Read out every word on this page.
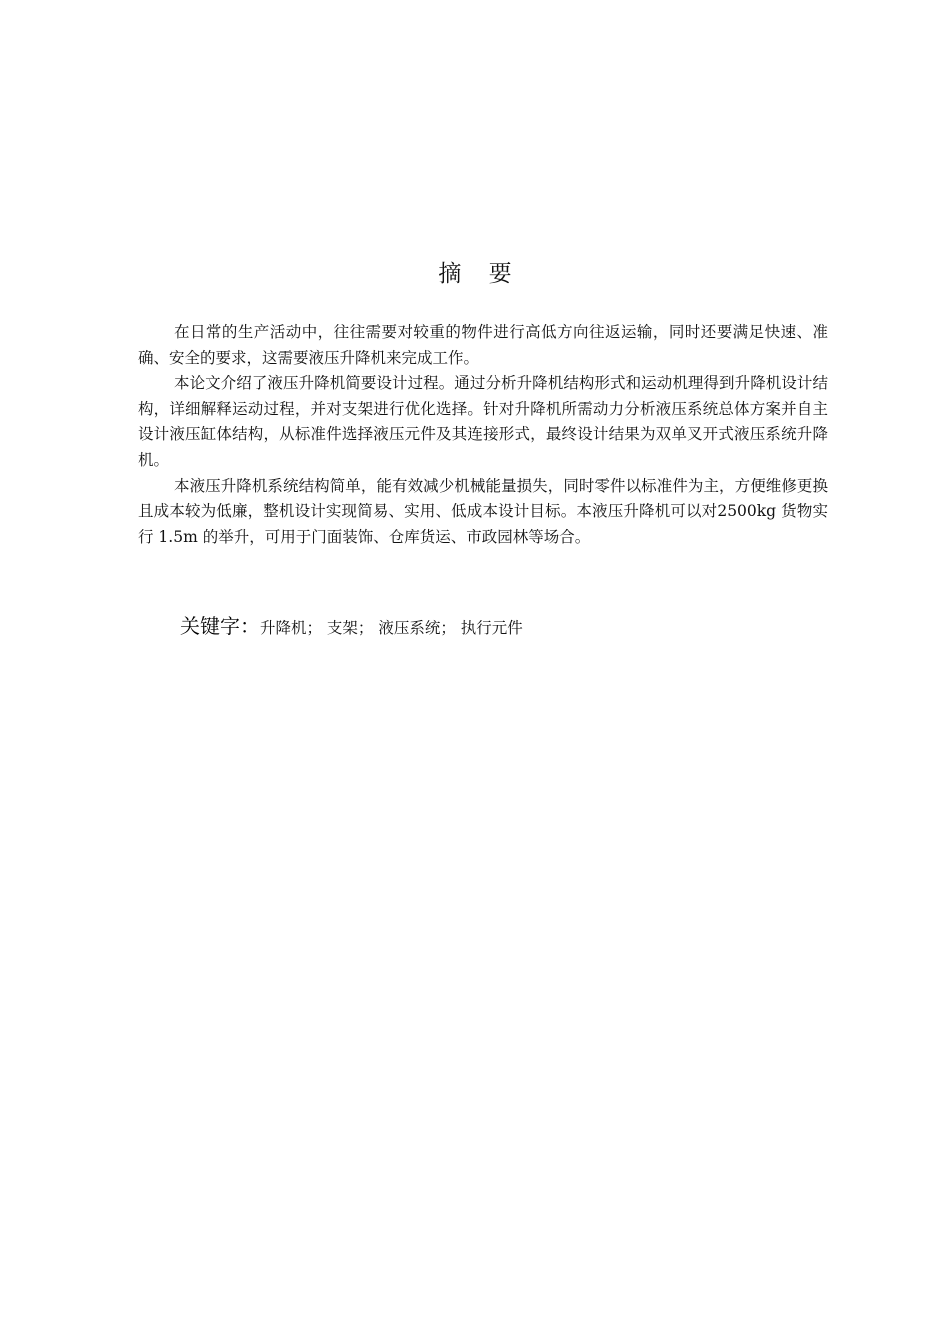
摘 要

在日常的生产活动中，往往需要对较重的物件进行高低方向往返运输，同时还要满足快速、准确、安全的要求，这需要液压升降机来完成工作。

本论文介绍了液压升降机简要设计过程。通过分析升降机结构形式和运动机理得到升降机设计结构，详细解释运动过程，并对支架进行优化选择。针对升降机所需动力分析液压系统总体方案并自主设计液压缸体结构，从标准件选择液压元件及其连接形式，最终设计结果为双单叉开式液压系统升降机。

本液压升降机系统结构简单，能有效减少机械能量损失，同时零件以标准件为主，方便维修更换且成本较为低廉，整机设计实现简易、实用、低成本设计目标。本液压升降机可以对2500kg 货物实行 1.5m 的举升，可用于门面装饰、仓库货运、市政园林等场合。

关键字：升降机； 支架； 液压系统； 执行元件
